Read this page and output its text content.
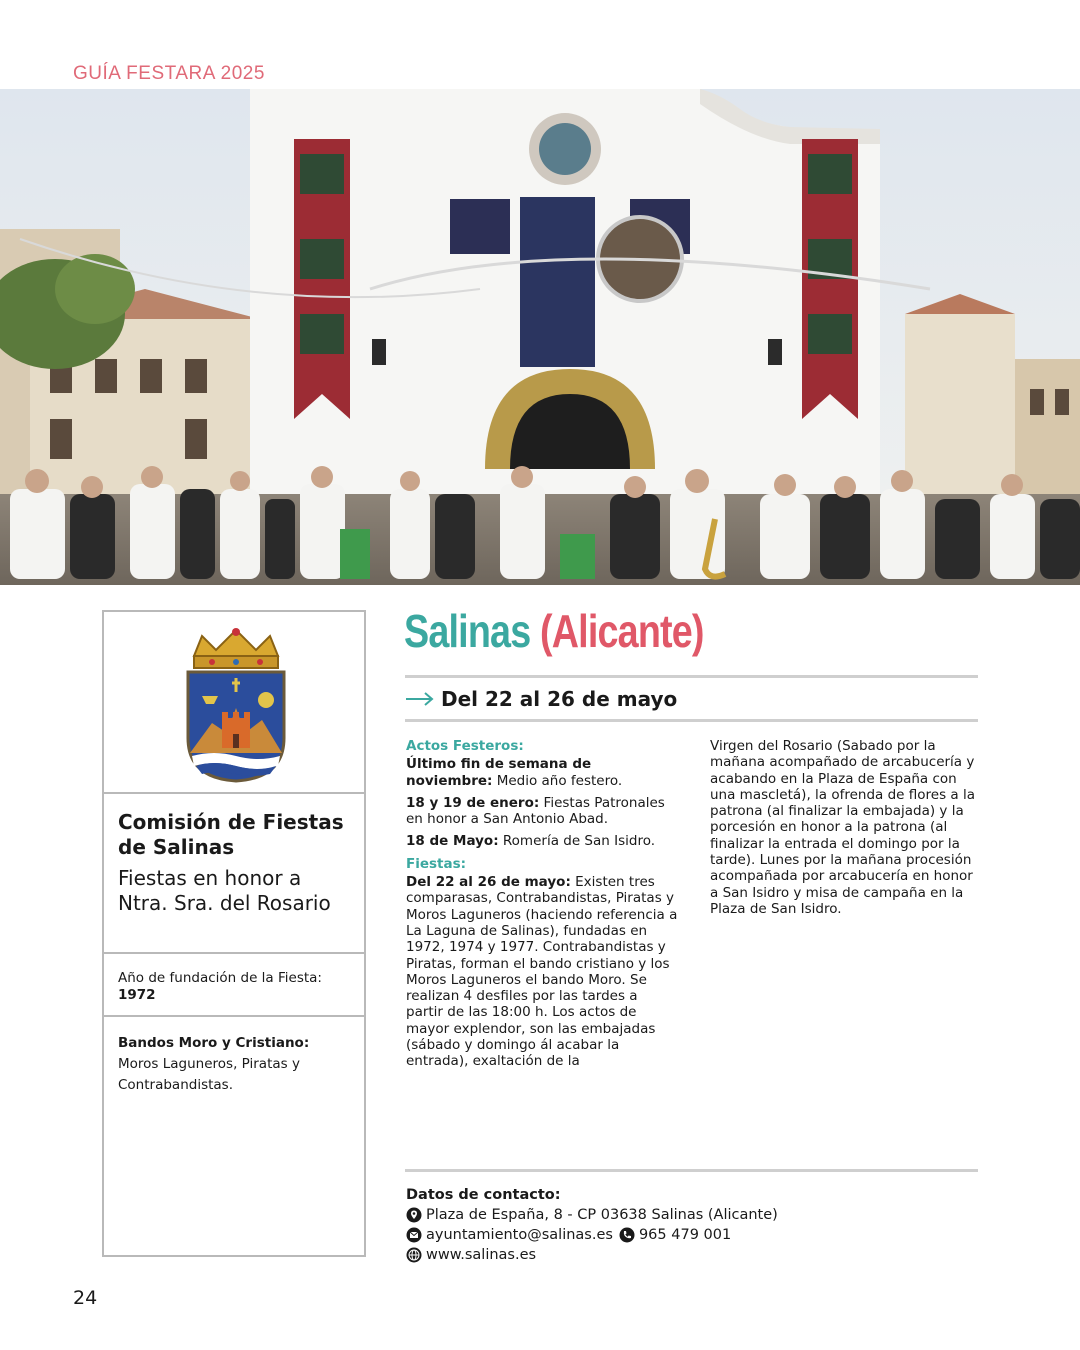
GUÍA FESTARA 2025
Comisión de Fiestas de Salinas
Fiestas en honor a Ntra. Sra. del Rosario
Año de fundación de la Fiesta: 1972
Bandos Moro y Cristiano:
Moros Laguneros, Piratas y Contrabandistas.
Salinas (Alicante)
Del 22 al 26 de mayo
Actos Festeros:

Último fin de semana de noviembre: Medio año festero.

18 y 19 de enero: Fiestas Patronales en honor a San Antonio Abad.

18 de Mayo: Romería de San Isidro.

Fiestas:

Del 22 al 26 de mayo: Existen tres comparasas, Contrabandistas, Piratas y Moros Laguneros (haciendo referencia a La Laguna de Salinas), fundadas en 1972, 1974 y 1977. Contrabandistas y Piratas, forman el bando cristiano y los Moros Laguneros el bando Moro. Se realizan 4 desfiles por las tardes a partir de las 18:00 h. Los actos de mayor explendor, son las embajadas (sábado y domingo ál acabar la entrada), exaltación de la

Virgen del Rosario (Sabado por la mañana acompañado de arcabucería y acabando en la Plaza de España con una mascletá), la ofrenda de flores a la patrona (al finalizar la embajada) y la porcesión en honor a la patrona (al finalizar la entrada el domingo por la tarde). Lunes por la mañana procesión acompañada por arcabucería en honor a San Isidro y misa de campaña en la Plaza de San Isidro.

Datos de contacto:
Plaza de España, 8 - CP 03638 Salinas (Alicante)
ayuntamiento@salinas.es 965 479 001
www.salinas.es
24
